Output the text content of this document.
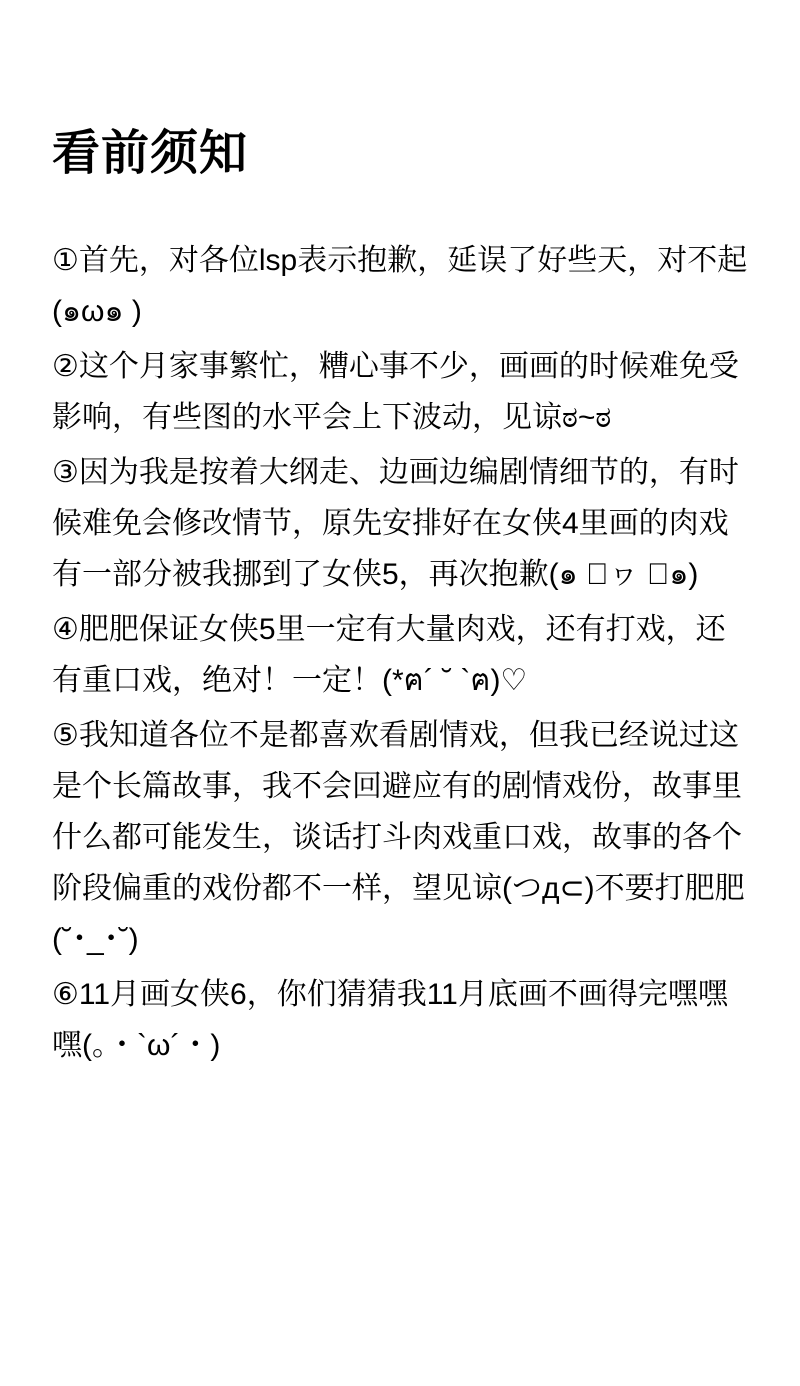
看前须知

①首先，对各位lsp表示抱歉，延误了好些天，对不起(๑ω๑ )

②这个月家事繁忙，糟心事不少，画画的时候难免受影响，有些图的水平会上下波动，见谅ಠ~ಠ

③因为我是按着大纲走、边画边编剧情细节的，有时候难免会修改情节，原先安排好在女侠4里画的肉戏有一部分被我挪到了女侠5，再次抱歉(๑ ॔ヮ ॓๑)

④肥肥保证女侠5里一定有大量肉戏，还有打戏，还有重口戏，绝对！一定！(*ฅ´ ˘ `ฅ)♡

⑤我知道各位不是都喜欢看剧情戏，但我已经说过这是个长篇故事，我不会回避应有的剧情戏份，故事里什么都可能发生，谈话打斗肉戏重口戏，故事的各个阶段偏重的戏份都不一样，望见谅(つд⊂)不要打肥肥(˘･_･˘)

⑥11月画女侠6，你们猜猜我11月底画不画得完嘿嘿嘿(。・`ω´・)
